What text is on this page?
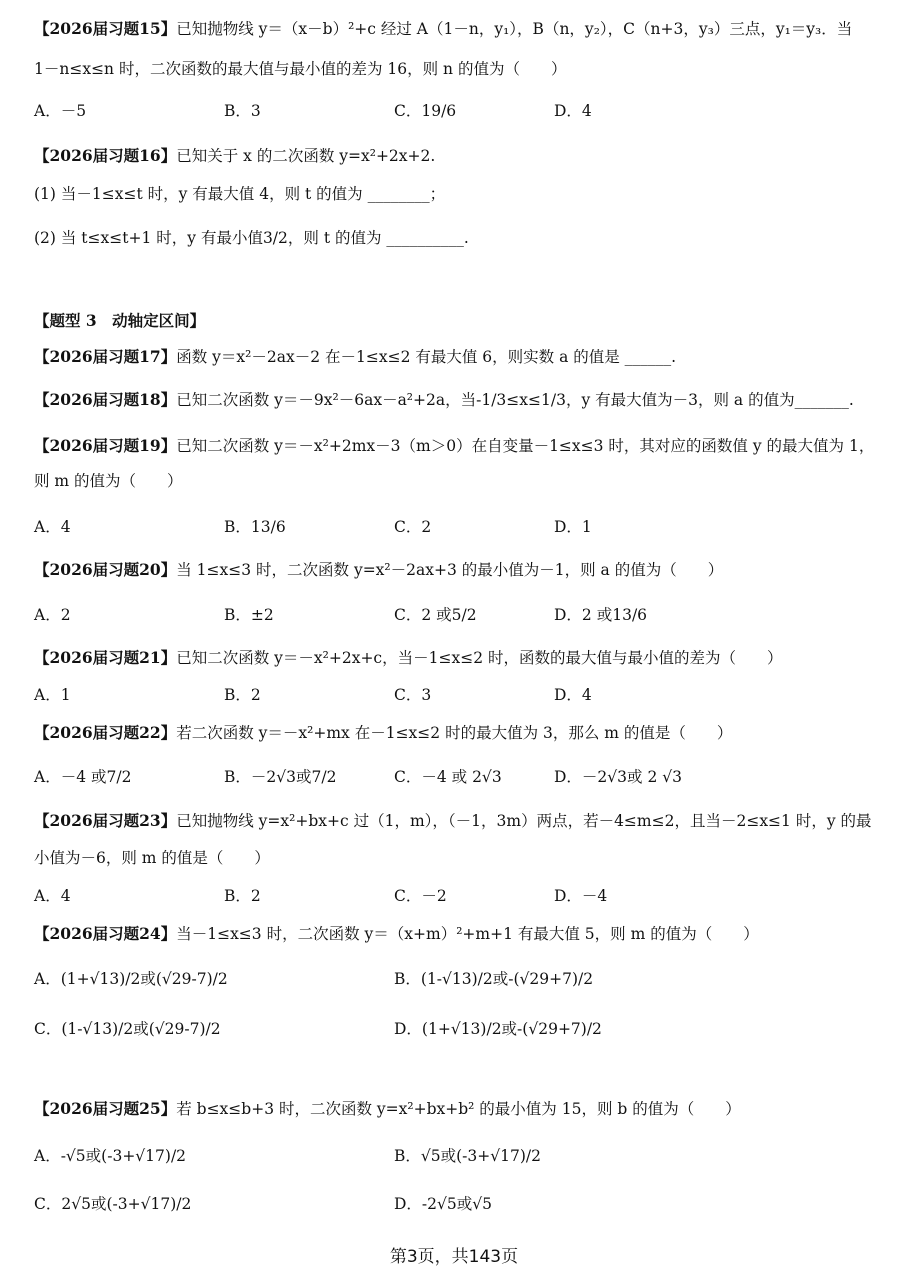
【2026届习题15】已知抛物线 y＝（x－b）²+c 经过 A（1－n，y₁），B（n，y₂），C（n+3，y₃）三点，y₁＝y₃．当
1－n≤x≤n 时，二次函数的最大值与最小值的差为 16，则 n 的值为（　　）
A．－5	B．3	C．19/6	D．4
【2026届习题16】已知关于 x 的二次函数 y=x²+2x+2.
(1) 当－1≤x≤t 时，y 有最大值 4，则 t 的值为 ________；
(2) 当 t≤x≤t+1 时，y 有最小值3/2，则 t 的值为 __________.
【题型 3　动轴定区间】
【2026届习题17】函数 y＝x²－2ax－2 在－1≤x≤2 有最大值 6，则实数 a 的值是 ______.
【2026届习题18】已知二次函数 y＝－9x²－6ax－a²+2a，当-1/3≤x≤1/3，y 有最大值为－3，则 a 的值为_______.
【2026届习题19】已知二次函数 y＝－x²+2mx－3（m＞0）在自变量－1≤x≤3 时，其对应的函数值 y 的最大值为 1，
则 m 的值为（　　）
A．4	B．13/6	C．2	D．1
【2026届习题20】当 1≤x≤3 时，二次函数 y=x²－2ax+3 的最小值为－1，则 a 的值为（　　）
A．2	B．±2	C．2 或5/2	D．2 或13/6
【2026届习题21】已知二次函数 y＝－x²+2x+c，当－1≤x≤2 时，函数的最大值与最小值的差为（　　）
A．1	B．2	C．3	D．4
【2026届习题22】若二次函数 y＝－x²+mx 在－1≤x≤2 时的最大值为 3，那么 m 的值是（　　）
A．－4 或7/2	B．－2√3或7/2	C．－4 或 2√3	D．－2√3或 2 √3
【2026届习题23】已知抛物线 y=x²+bx+c 过（1，m），（－1，3m）两点，若－4≤m≤2，且当－2≤x≤1 时，y 的最
小值为－6，则 m 的值是（　　）
A．4	B．2	C．－2	D．－4
【2026届习题24】当－1≤x≤3 时，二次函数 y＝（x+m）²+m+1 有最大值 5，则 m 的值为（　　）
A．(1+√13)/2或(√29-7)/2	B．(1-√13)/2或-(√29+7)/2
C．(1-√13)/2或(√29-7)/2	D．(1+√13)/2或-(√29+7)/2
【2026届习题25】若 b≤x≤b+3 时，二次函数 y=x²+bx+b² 的最小值为 15，则 b 的值为（　　）
A．-√5或(-3+√17)/2	B．√5或(-3+√17)/2
C．2√5或(-3+√17)/2	D．-2√5或√5
第3页，共143页
